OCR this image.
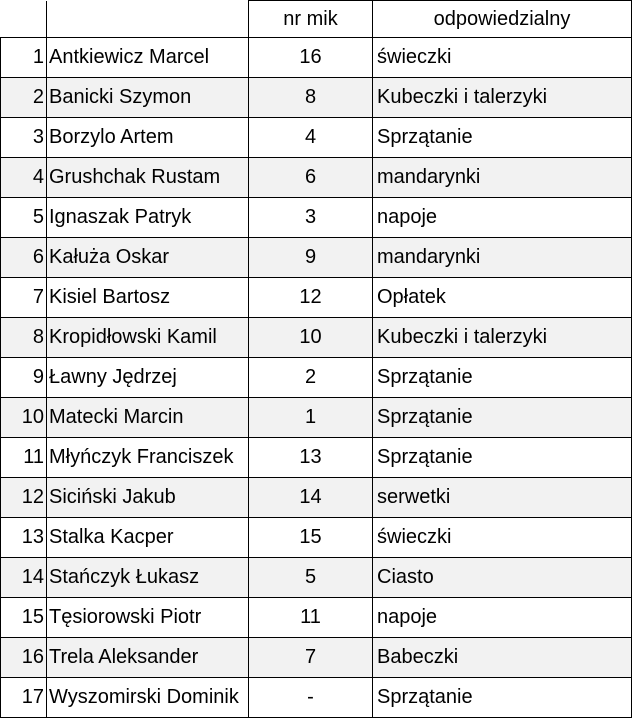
		nr mik	odpowiedzialny
1	Antkiewicz Marcel	16	świeczki
2	Banicki Szymon	8	Kubeczki i talerzyki
3	Borzylo Artem	4	Sprzątanie
4	Grushchak Rustam	6	mandarynki
5	Ignaszak Patryk	3	napoje
6	Kałuża Oskar	9	mandarynki
7	Kisiel Bartosz	12	Opłatek
8	Kropidłowski Kamil	10	Kubeczki i talerzyki
9	Ławny Jędrzej	2	Sprzątanie
10	Matecki Marcin	1	Sprzątanie
11	Młyńczyk Franciszek	13	Sprzątanie
12	Siciński Jakub	14	serwetki
13	Stalka Kacper	15	świeczki
14	Stańczyk Łukasz	5	Ciasto
15	Tęsiorowski Piotr	11	napoje
16	Trela Aleksander	7	Babeczki
17	Wyszomirski Dominik	-	Sprzątanie
